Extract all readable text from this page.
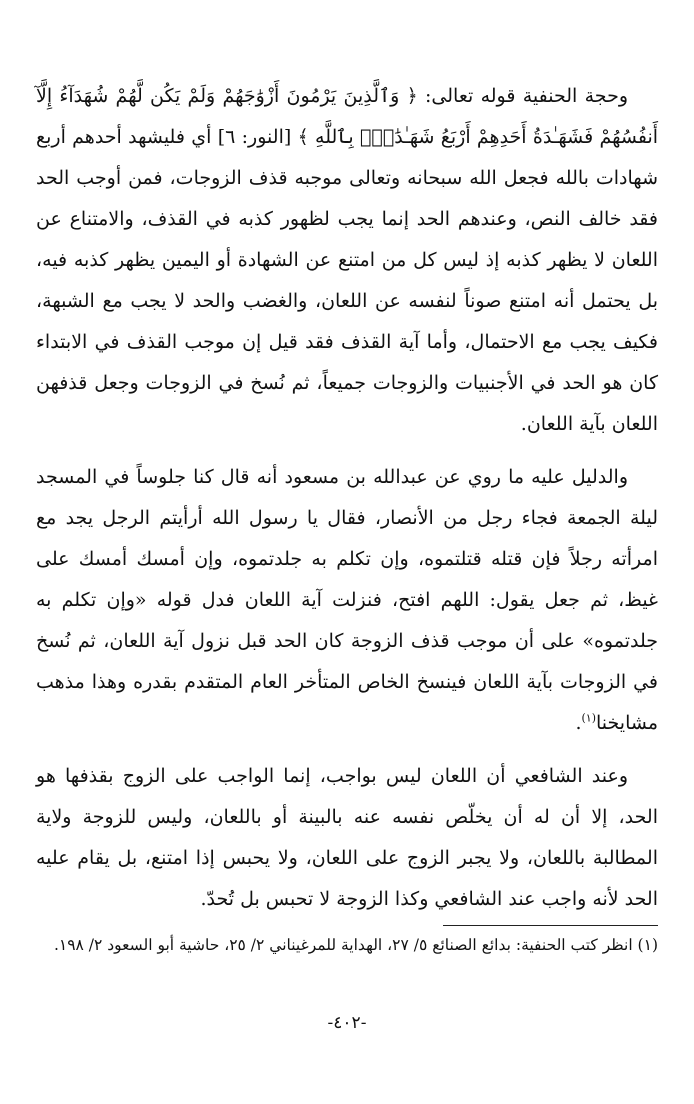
وحجة الحنفية قوله تعالى: ﴿ وَٱلَّذِينَ يَرْمُونَ أَزْوَٰجَهُمْ وَلَمْ يَكُن لَّهُمْ شُهَدَآءُ إِلَّآ أَنفُسُهُمْ فَشَهَـٰدَةُ أَحَدِهِمْ أَرْبَعُ شَهَـٰدَٰتٍۭ بِٱللَّهِ ﴾ [النور: ٦] أي فليشهد أحدهم أربع شهادات بالله فجعل الله سبحانه وتعالى موجبه قذف الزوجات، فمن أوجب الحد فقد خالف النص، وعندهم الحد إنما يجب لظهور كذبه في القذف، والامتناع عن اللعان لا يظهر كذبه إذ ليس كل من امتنع عن الشهادة أو اليمين يظهر كذبه فيه، بل يحتمل أنه امتنع صوناً لنفسه عن اللعان، والغضب والحد لا يجب مع الشبهة، فكيف يجب مع الاحتمال، وأما آية القذف فقد قيل إن موجب القذف في الابتداء كان هو الحد في الأجنبيات والزوجات جميعاً، ثم نُسخ في الزوجات وجعل قذفهن اللعان بآية اللعان.

والدليل عليه ما روي عن عبدالله بن مسعود أنه قال كنا جلوساً في المسجد ليلة الجمعة فجاء رجل من الأنصار، فقال يا رسول الله أرأيتم الرجل يجد مع امرأته رجلاً فإن قتله قتلتموه، وإن تكلم به جلدتموه، وإن أمسك أمسك على غيظ، ثم جعل يقول: اللهم افتح، فنزلت آية اللعان فدل قوله «وإن تكلم به جلدتموه» على أن موجب قذف الزوجة كان الحد قبل نزول آية اللعان، ثم نُسخ في الزوجات بآية اللعان فينسخ الخاص المتأخر العام المتقدم بقدره وهذا مذهب مشايخنا$^{(١)}$.

وعند الشافعي أن اللعان ليس بواجب، إنما الواجب على الزوج بقذفها هو الحد، إلا أن له أن يخلّص نفسه عنه بالبينة أو باللعان، وليس للزوجة ولاية المطالبة باللعان، ولا يجبر الزوج على اللعان، ولا يحبس إذا امتنع، بل يقام عليه الحد لأنه واجب عند الشافعي وكذا الزوجة لا تحبس بل تُحدّ.

(١) انظر كتب الحنفية: بدائع الصنائع ٥/ ٢٧، الهداية للمرغيناني ٢/ ٢٥، حاشية أبو السعود ٢/ ١٩٨.
-٤٠٢-
